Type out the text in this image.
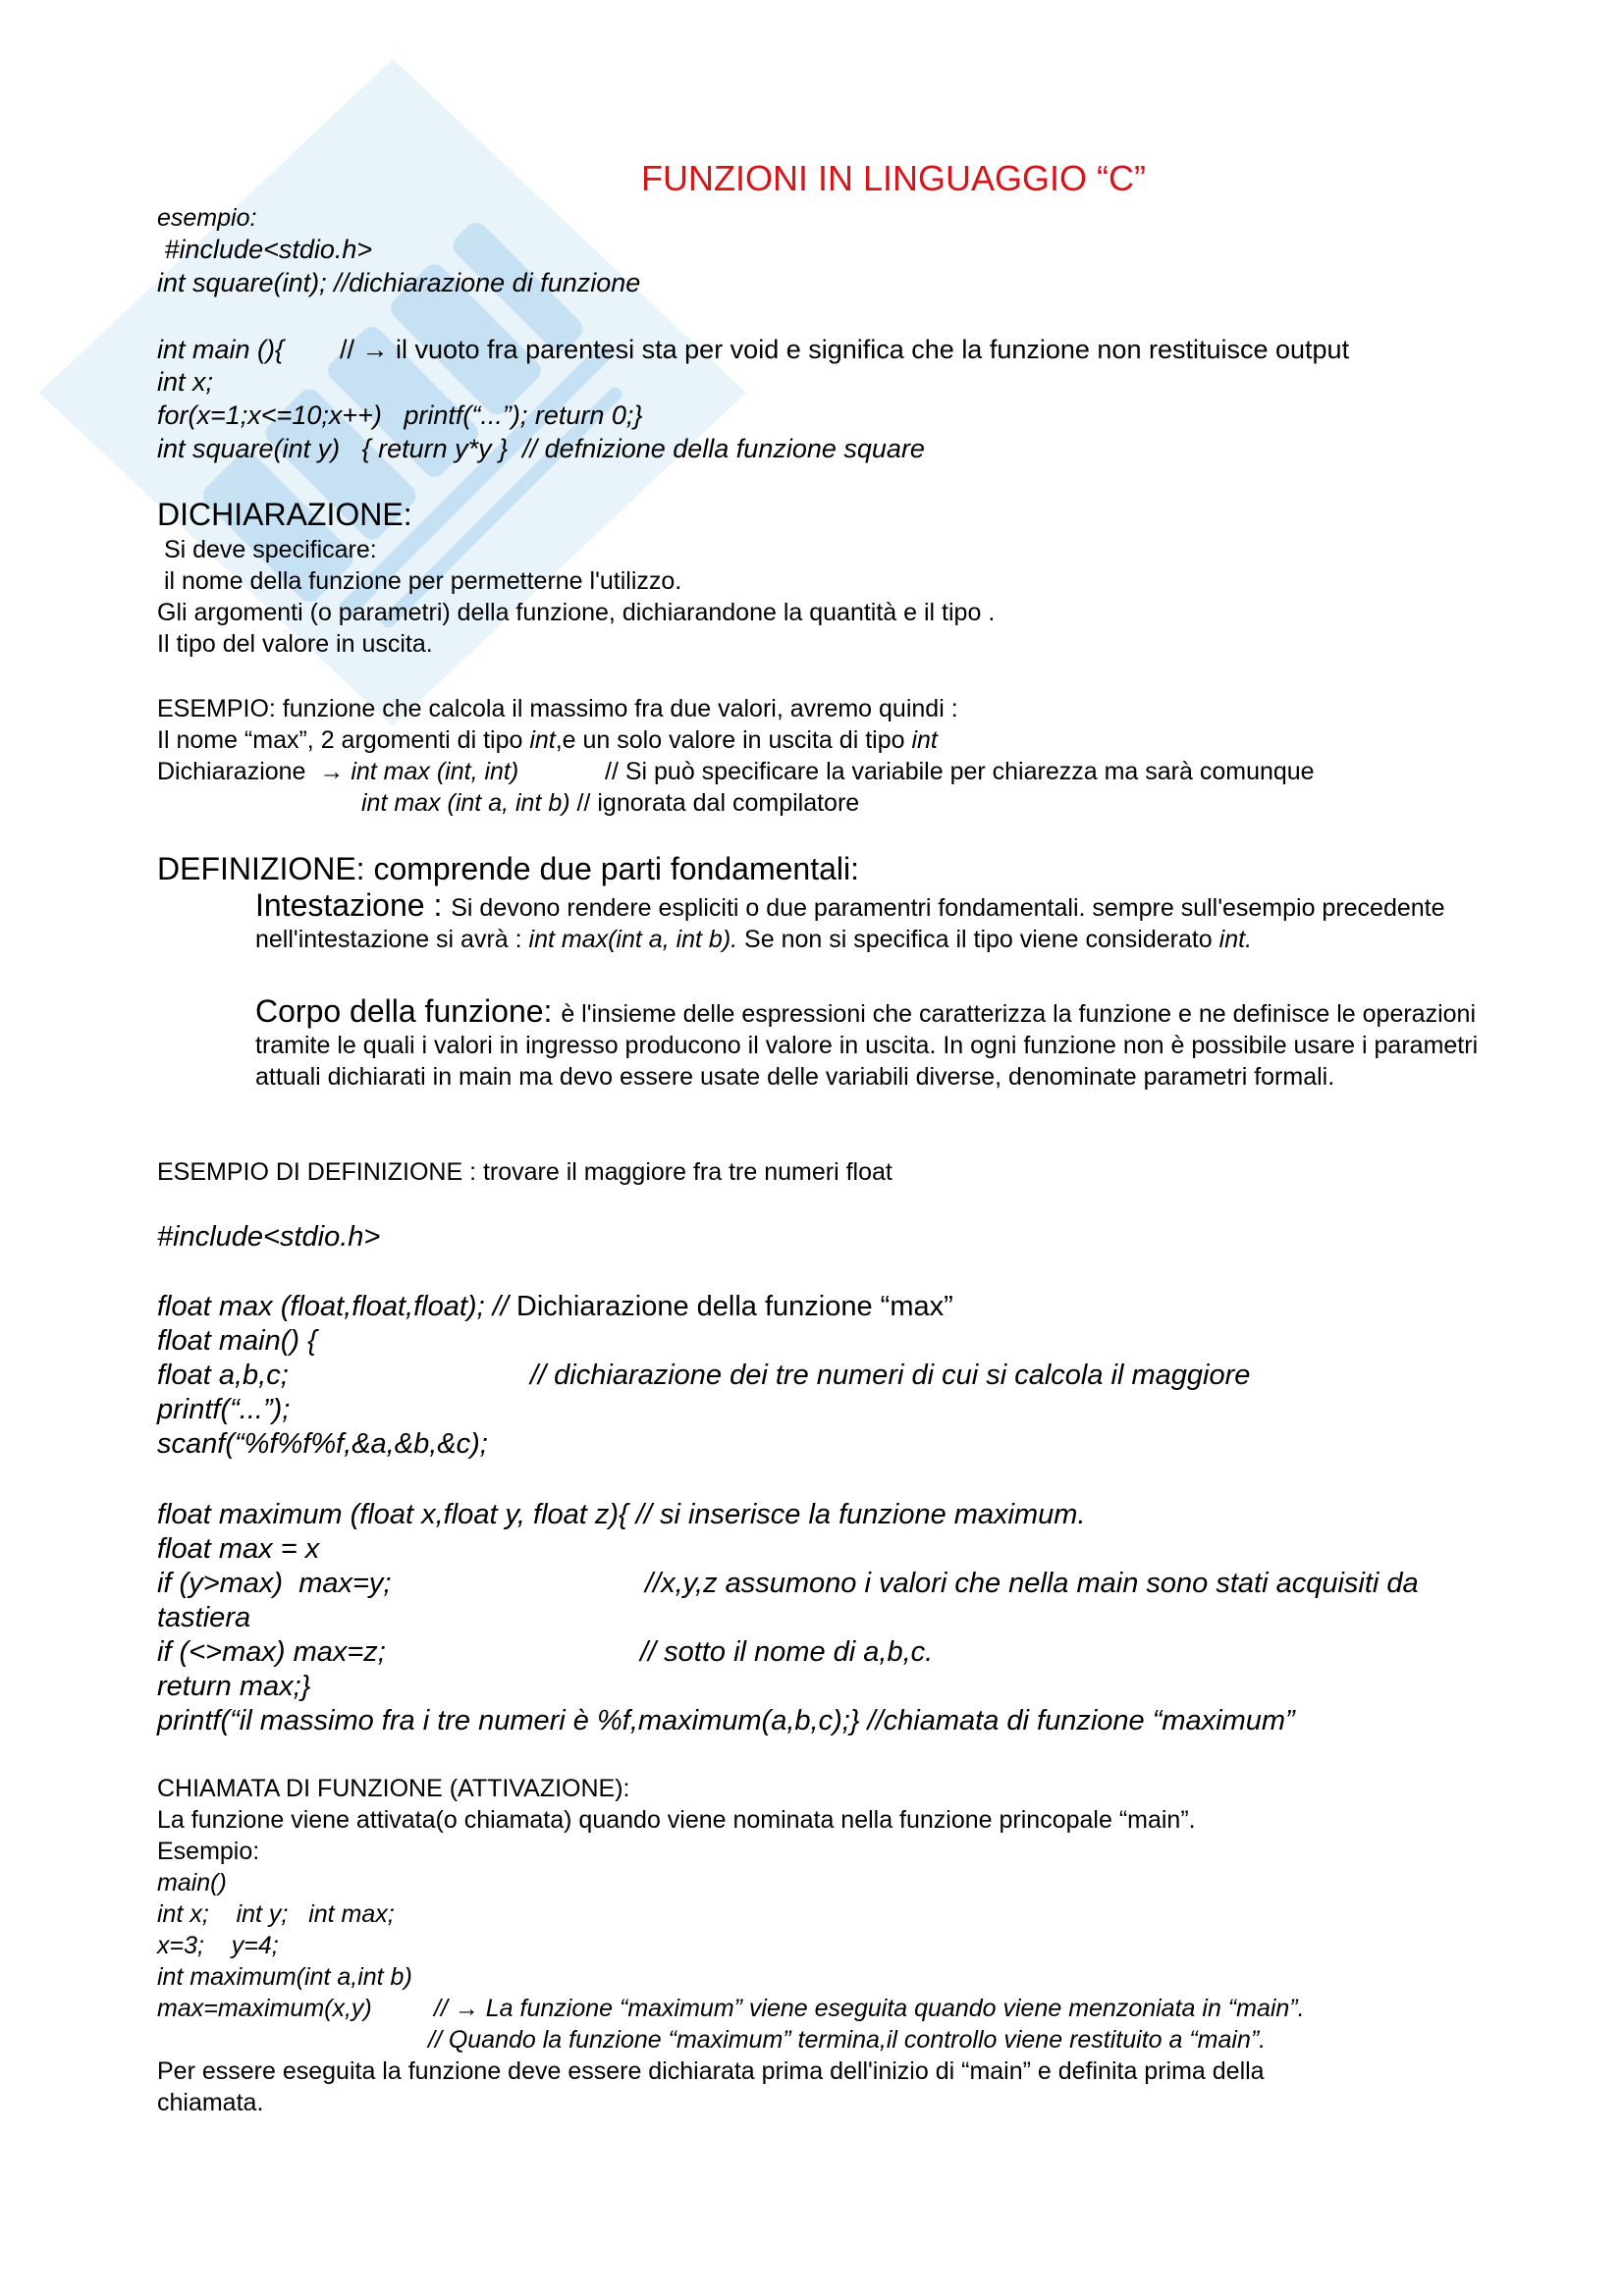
FUNZIONI IN LINGUAGGIO “C”
esempio:
#include<stdio.h>
int square(int); //dichiarazione di funzione
int main (){ // → il vuoto fra parentesi sta per void e significa che la funzione non restituisce output
int x;
for(x=1;x<=10;x++)   printf(“...”); return 0;}
int square(int y)   { return y*y }  // defnizione della funzione square
DICHIARAZIONE:
Si deve specificare:
il nome della funzione per permetterne l'utilizzo.
Gli argomenti (o parametri) della funzione, dichiarandone la quantità e il tipo .
Il tipo del valore in uscita.
ESEMPIO: funzione che calcola il massimo fra due valori, avremo quindi :
Il nome “max”, 2 argomenti di tipo int,e un solo valore in uscita di tipo int
Dichiarazione  → int max (int, int)	// Si può specificare la variabile per chiarezza ma sarà comunque
int max (int a, int b) // ignorata dal compilatore
DEFINIZIONE: comprende due parti fondamentali:
Intestazione : Si devono rendere espliciti o due paramentri fondamentali. sempre sull'esempio precedente nell'intestazione si avrà : int max(int a, int b). Se non si specifica il tipo viene considerato int.
Corpo della funzione: è l'insieme delle espressioni che caratterizza la funzione e ne definisce le operazioni tramite le quali i valori in ingresso producono il valore in uscita. In ogni funzione non è possibile usare i parametri attuali dichiarati in main ma devo essere usate delle variabili diverse, denominate parametri formali.
ESEMPIO DI DEFINIZIONE : trovare il maggiore fra tre numeri float
#include<stdio.h>
float max (float,float,float); // Dichiarazione della funzione “max”
float main() {
float a,b,c;	// dichiarazione dei tre numeri di cui si calcola il maggiore
printf(“...”);
scanf(“%f%f%f,&a,&b,&c);
float maximum (float x,float y, float z){ // si inserisce la funzione maximum.
float max = x
if (y>max)  max=y;	//x,y,z assumono i valori che nella main sono stati acquisiti da
tastiera
if (<>max) max=z;	// sotto il nome di a,b,c.
return max;}
printf(“il massimo fra i tre numeri è %f,maximum(a,b,c);} //chiamata di funzione “maximum”
CHIAMATA DI FUNZIONE (ATTIVAZIONE):
La funzione viene attivata(o chiamata) quando viene nominata nella funzione princopale “main”.
Esempio:
main()
int x;    int y;   int max;
x=3;    y=4;
int maximum(int a,int b)
max=maximum(x,y)	// → La funzione “maximum” viene eseguita quando viene menzoniata in “main”.
// Quando la funzione “maximum” termina,il controllo viene restituito a “main”.
Per essere eseguita la funzione deve essere dichiarata prima dell'inizio di “main” e definita prima della
chiamata.
